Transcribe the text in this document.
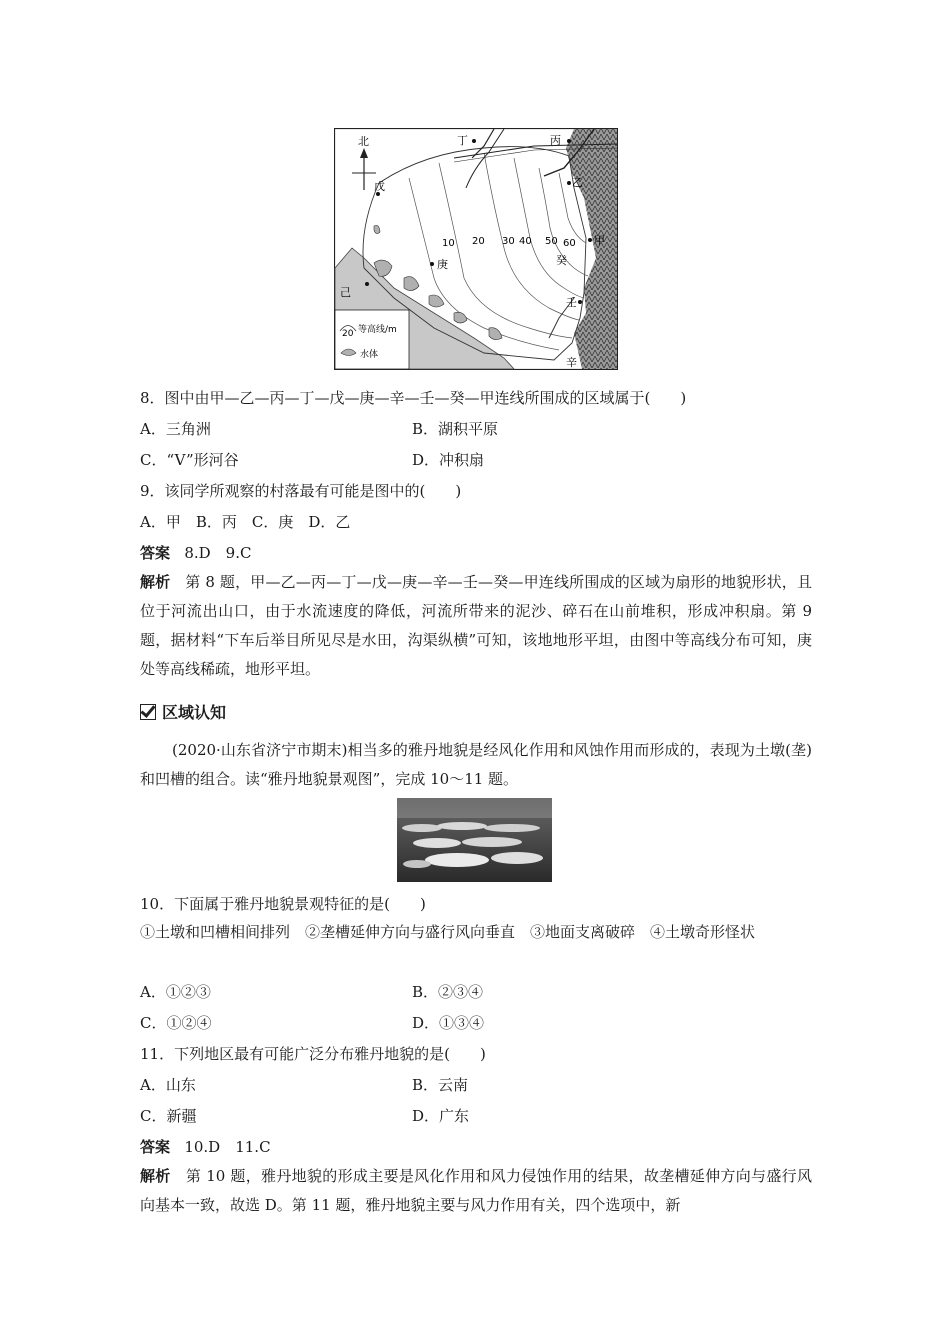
北	丁	丙
乙
戊
甲
癸
庚
己
壬
辛
10 20 30 40 50 60
20 等高线/m
水体
8．图中由甲—乙—丙—丁—戊—庚—辛—壬—癸—甲连线所围成的区域属于(　　)
A．三角洲	B．湖积平原
C．“V”形河谷	D．冲积扇
9．该同学所观察的村落最有可能是图中的(　　)
A．甲　B．丙　C．庚　D．乙
答案 8.D　9.C
解析 第 8 题，甲—乙—丙—丁—戊—庚—辛—壬—癸—甲连线所围成的区域为扇形的地貌形状，且位于河流出山口，由于水流速度的降低，河流所带来的泥沙、碎石在山前堆积，形成冲积扇。第 9 题，据材料“下车后举目所见尽是水田，沟渠纵横”可知，该地地形平坦，由图中等高线分布可知，庚处等高线稀疏，地形平坦。
区域认知
(2020·山东省济宁市期末)相当多的雅丹地貌是经风化作用和风蚀作用而形成的，表现为土墩(垄)和凹槽的组合。读“雅丹地貌景观图”，完成 10～11 题。
10．下面属于雅丹地貌景观特征的是(　　)
①土墩和凹槽相间排列　②垄槽延伸方向与盛行风向垂直　③地面支离破碎　④土墩奇形怪状
A．①②③	B．②③④
C．①②④	D．①③④
11．下列地区最有可能广泛分布雅丹地貌的是(　　)
A．山东	B．云南
C．新疆	D．广东
答案 10.D　11.C
解析 第 10 题，雅丹地貌的形成主要是风化作用和风力侵蚀作用的结果，故垄槽延伸方向与盛行风向基本一致，故选 D。第 11 题，雅丹地貌主要与风力作用有关，四个选项中，新
